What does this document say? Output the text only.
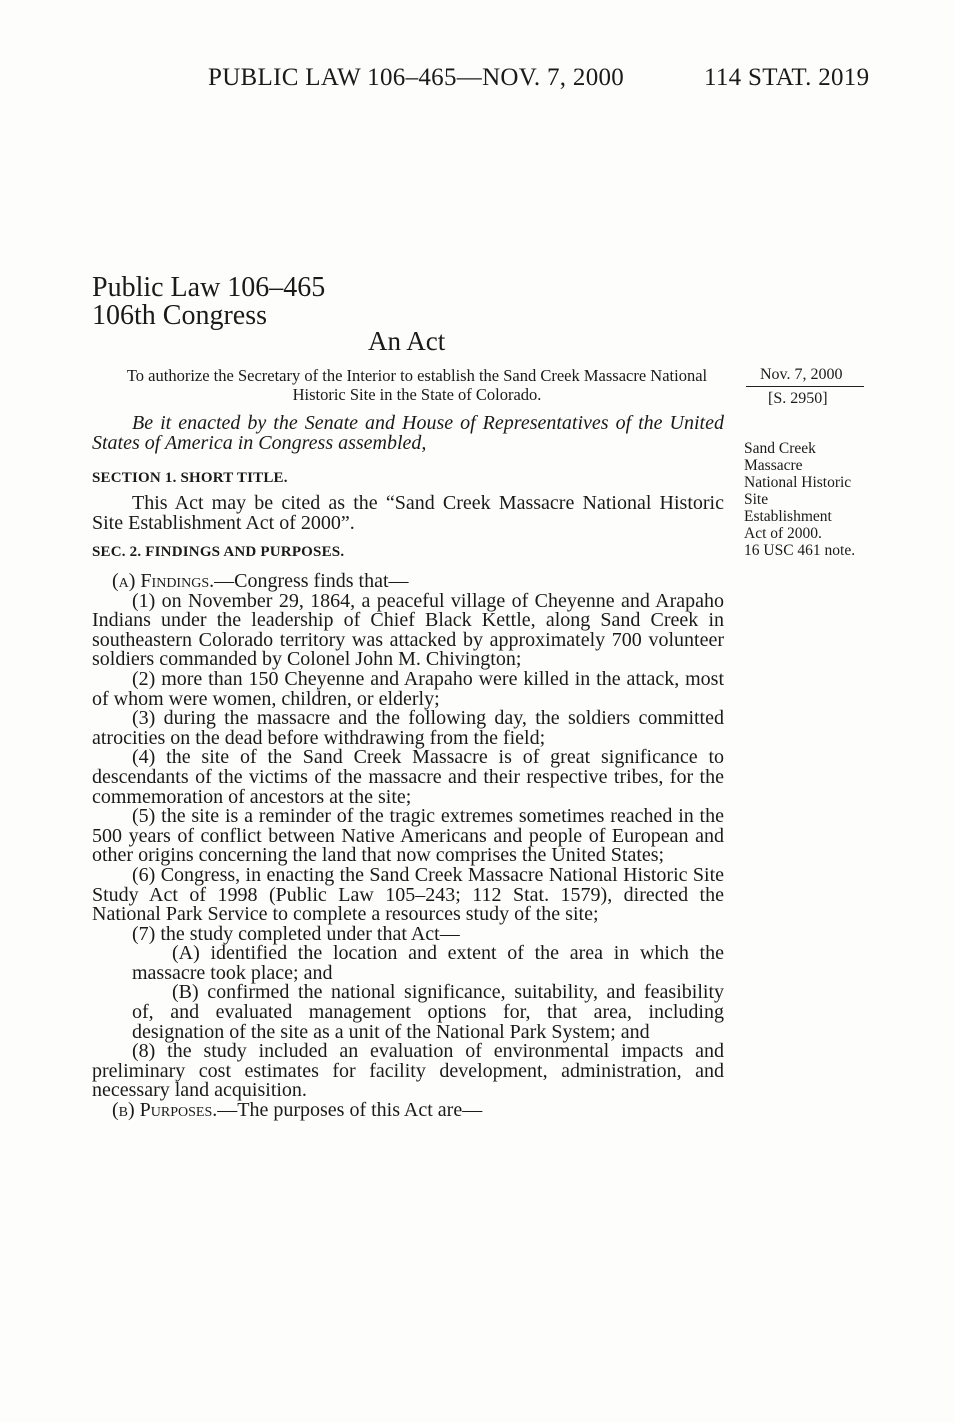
PUBLIC LAW 106–465—NOV. 7, 2000	114 STAT. 2019
Public Law 106–465
106th Congress
An Act
To authorize the Secretary of the Interior to establish the Sand Creek Massacre National Historic Site in the State of Colorado.
Nov. 7, 2000
[S. 2950]
Sand Creek
Massacre
National Historic
Site
Establishment
Act of 2000.
16 USC 461 note.
Be it enacted by the Senate and House of Representatives of the United States of America in Congress assembled,
SECTION 1. SHORT TITLE.
This Act may be cited as the “Sand Creek Massacre National Historic Site Establishment Act of 2000”.
SEC. 2. FINDINGS AND PURPOSES.
(a) Findings.—Congress finds that—
(1) on November 29, 1864, a peaceful village of Cheyenne and Arapaho Indians under the leadership of Chief Black Kettle, along Sand Creek in southeastern Colorado territory was attacked by approximately 700 volunteer soldiers commanded by Colonel John M. Chivington;
(2) more than 150 Cheyenne and Arapaho were killed in the attack, most of whom were women, children, or elderly;
(3) during the massacre and the following day, the soldiers committed atrocities on the dead before withdrawing from the field;
(4) the site of the Sand Creek Massacre is of great significance to descendants of the victims of the massacre and their respective tribes, for the commemoration of ancestors at the site;
(5) the site is a reminder of the tragic extremes sometimes reached in the 500 years of conflict between Native Americans and people of European and other origins concerning the land that now comprises the United States;
(6) Congress, in enacting the Sand Creek Massacre National Historic Site Study Act of 1998 (Public Law 105–243; 112 Stat. 1579), directed the National Park Service to complete a resources study of the site;
(7) the study completed under that Act—
(A) identified the location and extent of the area in which the massacre took place; and
(B) confirmed the national significance, suitability, and feasibility of, and evaluated management options for, that area, including designation of the site as a unit of the National Park System; and
(8) the study included an evaluation of environmental impacts and preliminary cost estimates for facility development, administration, and necessary land acquisition.
(b) Purposes.—The purposes of this Act are—
